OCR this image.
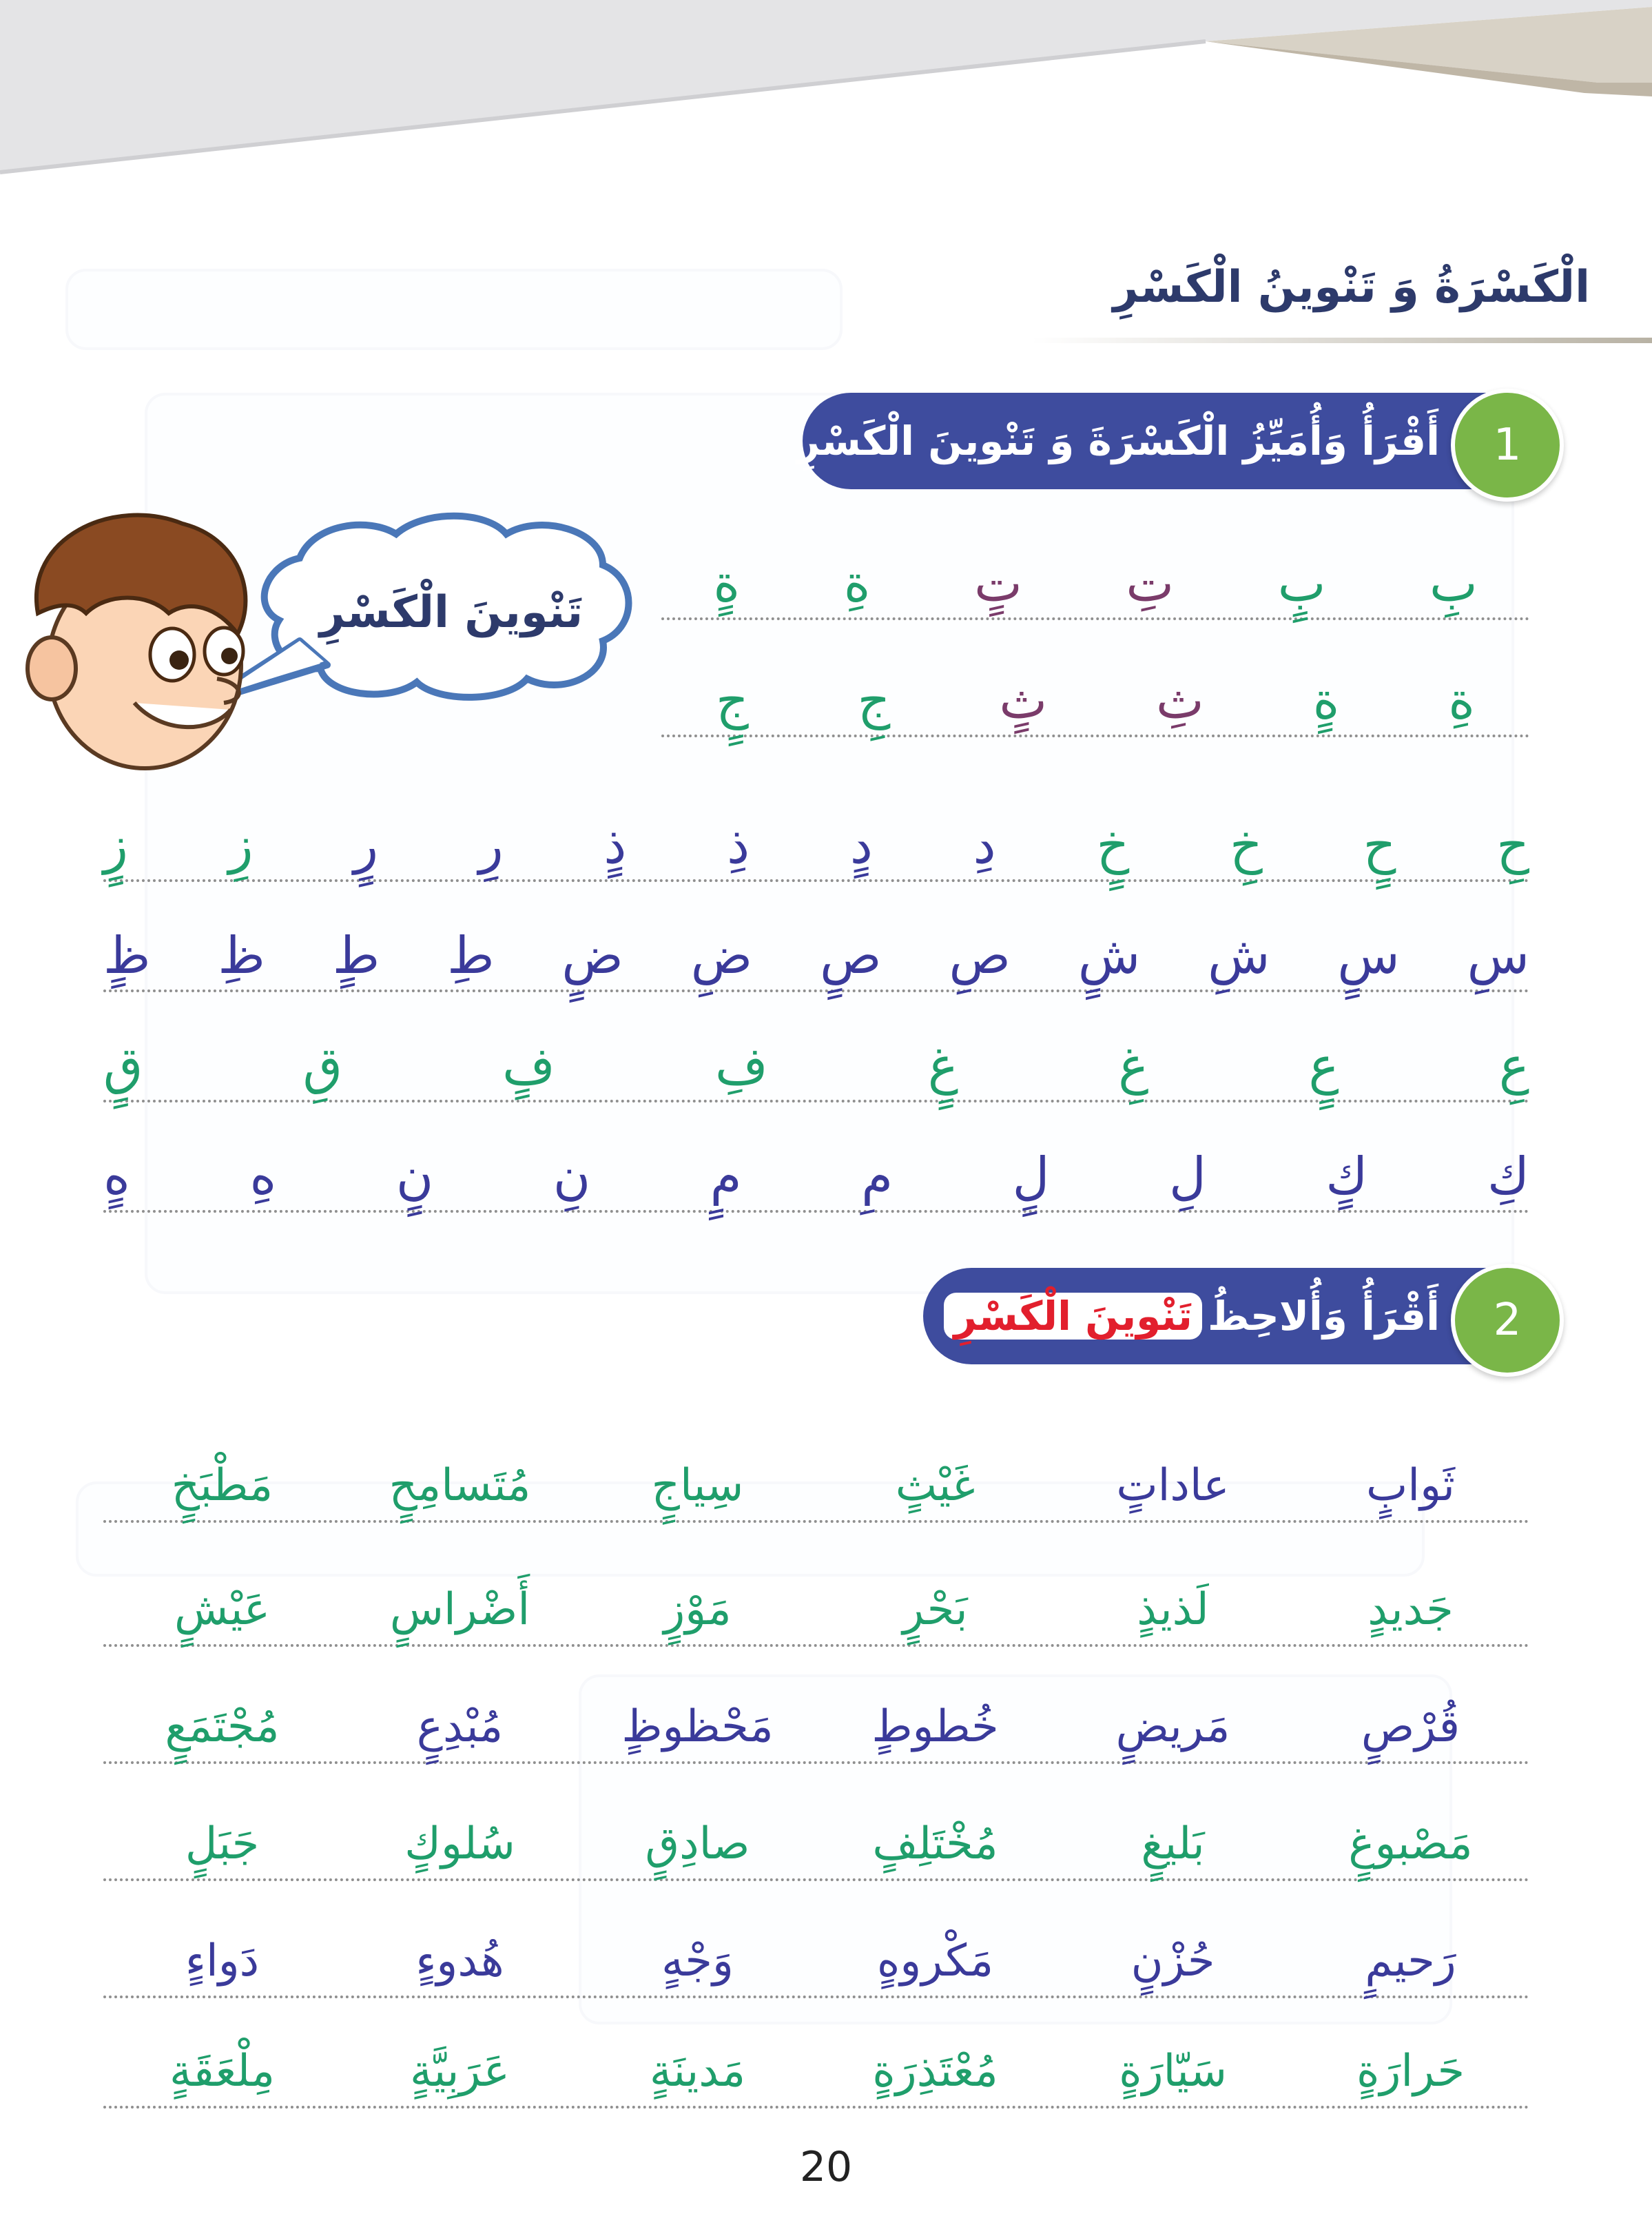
الْكَسْرَةُ وَ تَنْوينُ الْكَسْرِ
1
أَقْرَأُ وَأُمَيِّزُ الْكَسْرَةَ وَ تَنْوينَ الْكَسْرِ
تَنْوينَ الْكَسْرِ	بِ
بٍ
تِ
تٍ
ةِ
ةٍ
ةِ
ةٍ
ثِ
ثٍ
جِ
جٍ
حِ
حٍ
خِ
خٍ
دِ
دٍ
ذِ
ذٍ
رِ
رٍ
زِ
زٍ
سِ
سٍ
شِ
شٍ
صِ
صٍ
ضِ
ضٍ
طِ
طٍ
ظِ
ظٍ
عِ
عٍ
غِ
غٍ
فِ
فٍ
قِ
قٍ
كِ
كٍ
لِ
لٍ
مِ
مٍ
نِ
نٍ
هِ
هٍ
2
أَقْرَأُ وَأُلاحِظُتَنْوينَ الْكَسْرِ
ثَوابٍ
عاداتٍ
غَيْثٍ
سِياجٍ
مُتَسامِحٍ
مَطْبَخٍ
جَديدٍ
لَذيذٍ
بَحْرٍ
مَوْزٍ
أَضْراسٍ
عَيْشٍ
قُرْصٍ
مَريضٍ
خُطوطٍ
مَحْظوظٍ
مُبْدِعٍ
مُجْتَمَعٍ
مَصْبوغٍ
بَليغٍ
مُخْتَلِفٍ
صادِقٍ
سُلوكٍ
جَبَلٍ
رَحيمٍ
حُزْنٍ
مَكْروهٍ
وَجْهٍ
هُدوءٍ
دَواءٍ
حَرارَةٍ
سَيّارَةٍ
مُعْتَذِرَةٍ
مَدينَةٍ
عَرَبِيَّةٍ
مِلْعَقَةٍ
20
